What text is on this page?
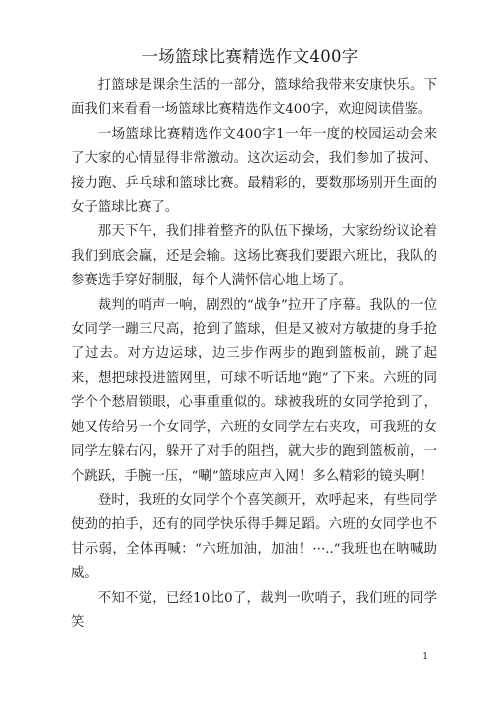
一场篮球比赛精选作文400字

打篮球是课余生活的一部分，篮球给我带来安康快乐。下面我们来看看一场篮球比赛精选作文400字，欢迎阅读借鉴。

一场篮球比赛精选作文400字1一年一度的校园运动会来了大家的心情显得非常激动。这次运动会，我们参加了拔河、接力跑、乒乓球和篮球比赛。最精彩的，要数那场别开生面的女子篮球比赛了。

那天下午，我们排着整齐的队伍下操场，大家纷纷议论着我们到底会赢，还是会输。这场比赛我们要跟六班比，我队的参赛选手穿好制服，每个人满怀信心地上场了。

裁判的哨声一响，剧烈的“战争”拉开了序幕。我队的一位女同学一蹦三尺高，抢到了篮球，但是又被对方敏捷的身手抢了过去。对方边运球，边三步作两步的跑到篮板前，跳了起来，想把球投进篮网里，可球不听话地“跑”了下来。六班的同学个个愁眉锁眼，心事重重似的。球被我班的女同学抢到了，她又传给另一个女同学，六班的女同学左右夹攻，可我班的女同学左躲右闪，躲开了对手的阻挡，就大步的跑到篮板前，一个跳跃，手腕一压，“唰”篮球应声入网！多么精彩的镜头啊！

登时，我班的女同学个个喜笑颜开，欢呼起来，有些同学使劲的拍手，还有的同学快乐得手舞足蹈。六班的女同学也不甘示弱，全体再喊：“六班加油，加油！···..”我班也在呐喊助威。

不知不觉，已经10比0了，裁判一吹哨子，我们班的同学笑

1
